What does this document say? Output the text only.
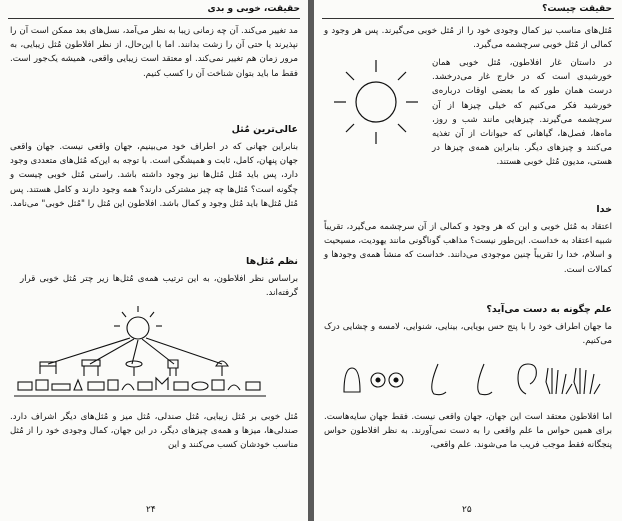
حقیقت، خوبی و بدی
مد تغییر می‌کند. آن چه زمانی زیبا به نظر می‌آمد، نسل‌های بعد ممکن است آن را نپذیرند یا حتی آن را زشت بدانند. اما با این‌حال، از نظر افلاطون مُثل زیبایی، به مرور زمان هم تغییر نمی‌کند. او معتقد است زیبایی واقعی، همیشه یک‌جور است. فقط ما باید بتوان شناخت آن را کسب کنیم.
عالی‌ترین مُثل
بنابراین جهانی که در اطراف خود می‌بینیم، جهان واقعی نیست. جهان واقعی جهان پنهان، کامل، ثابت و همیشگی است. با توجه به این‌که مُثل‌های متعددی وجود دارد، پس باید مُثل مُثل‌ها نیز وجود داشته باشد. راستی مُثل خوبی چیست و چگونه است؟ مُثل‌ها چه چیز مشترکی دارند؟ همه وجود دارند و کامل هستند. پس مُثل مُثل‌ها باید مُثل وجود و کمال باشد. افلاطون این مُثل را "مُثل خوبی" می‌نامد.
نظم مُثل‌ها
براساس نظر افلاطون، به این ترتیب همه‌ی مُثل‌ها زیر چتر مُثل خوبی قرار گرفته‌اند.
مُثل خوبی بر مُثل زیبایی، مُثل صندلی، مُثل میز و مُثل‌های دیگر اشراف دارد. صندلی‌ها، میزها و همه‌ی چیزهای دیگر، در این جهان، کمال وجودی خود را از مُثل مناسب خودشان کسب می‌کنند و این
۲۴
حقیقت چیست؟
مُثل‌های مناسب نیز کمال وجودی خود را از مُثل خوبی می‌گیرند. پس هر وجود و کمالی از مُثل خوبی سرچشمه می‌گیرد.
در داستان غار افلاطون، مُثل خوبی همان خورشیدی است که در خارج غار می‌درخشد. درست همان طور که ما بعضی اوقات درباره‌ی خورشید فکر می‌کنیم که خیلی چیزها از آن سرچشمه می‌گیرند. چیزهایی مانند شب و روز، ماه‌ها، فصل‌ها، گیاهانی که حیوانات از آن تغذیه می‌کنند و چیزهای دیگر. بنابراین همه‌ی چیزها در هستی، مدیون مُثل خوبی هستند.
خدا
اعتقاد به مُثل خوبی و این که هر وجود و کمالی از آن سرچشمه می‌گیرد، تقریباً شبیه اعتقاد به خداست. این‌طور نیست؟ مذاهب گوناگونی مانند یهودیت، مسیحیت و اسلام، خدا را تقریباً چنین موجودی می‌دانند. خداست که منشأ همه‌ی وجودها و کمالات است.
علم چگونه به دست می‌آید؟
ما جهان اطراف خود را با پنج حس بویایی، بینایی، شنوایی، لامسه و چشایی درک می‌کنیم.
اما افلاطون معتقد است این جهان، جهان واقعی نیست. فقط جهان سایه‌هاست. برای همین حواس ما علم واقعی را به دست نمی‌آورند. به نظر افلاطون حواس پنجگانه فقط موجب فریب ما می‌شوند. علم واقعی،
۲۵
